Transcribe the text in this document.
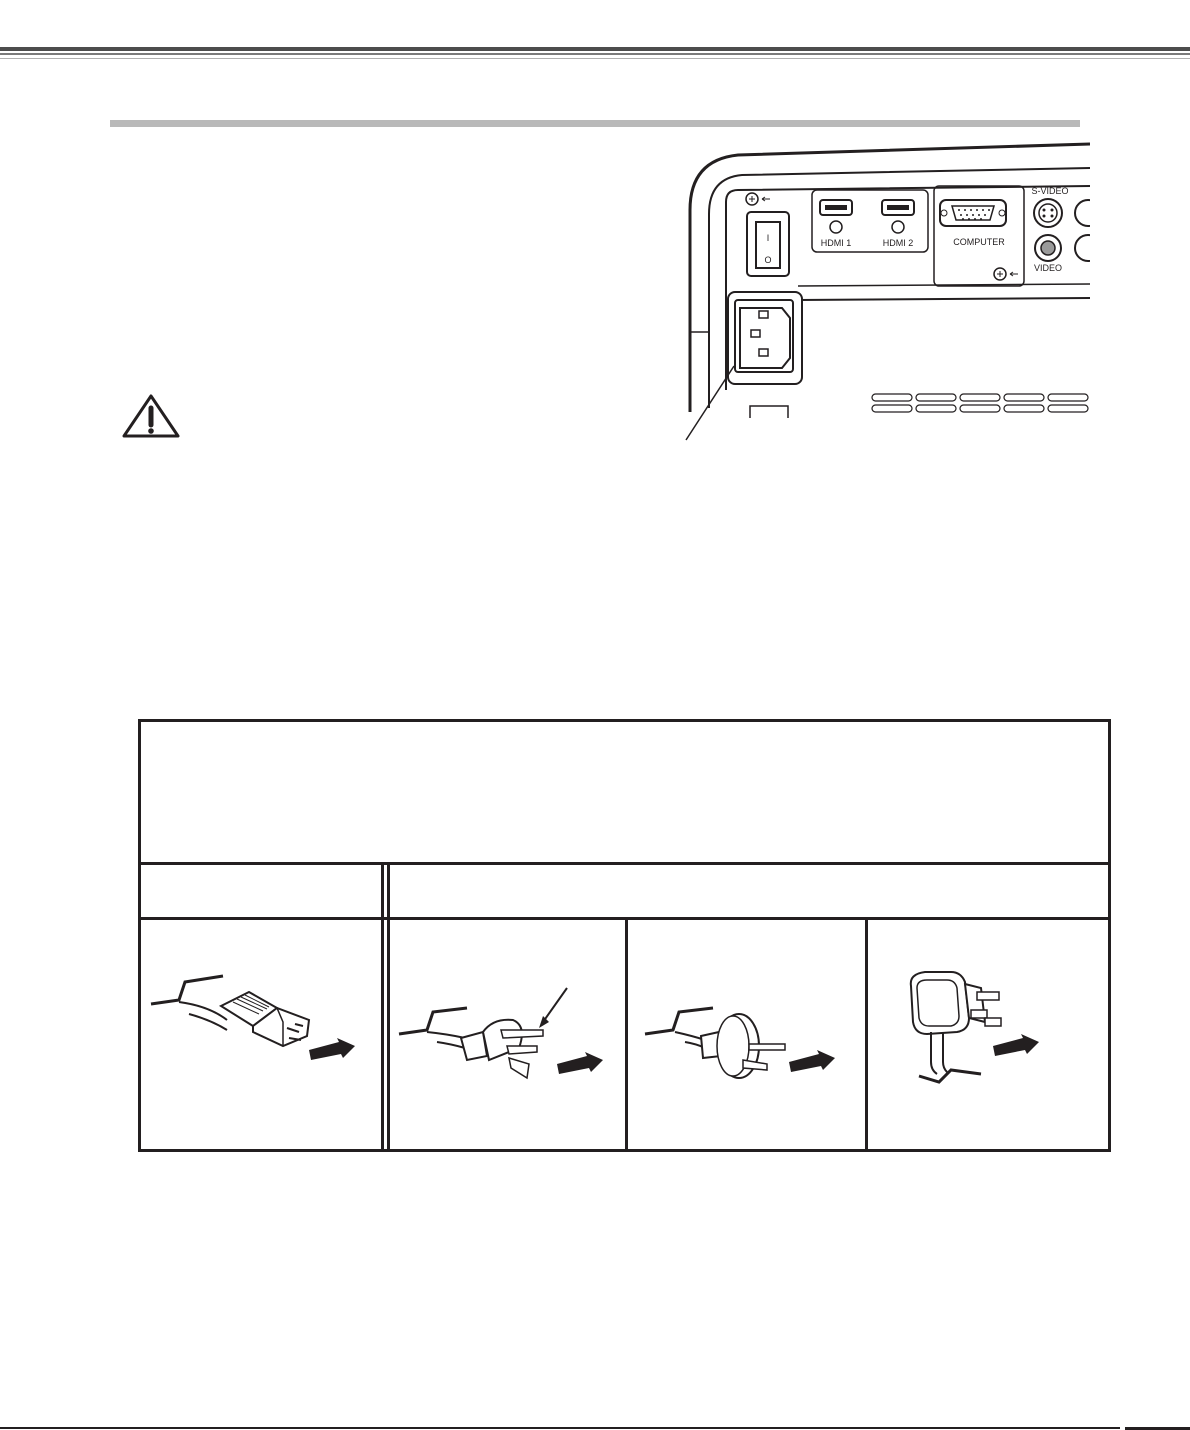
I
O
HDMI 1	HDMI 2	COMPUTER
S-VIDEO
VIDEO
